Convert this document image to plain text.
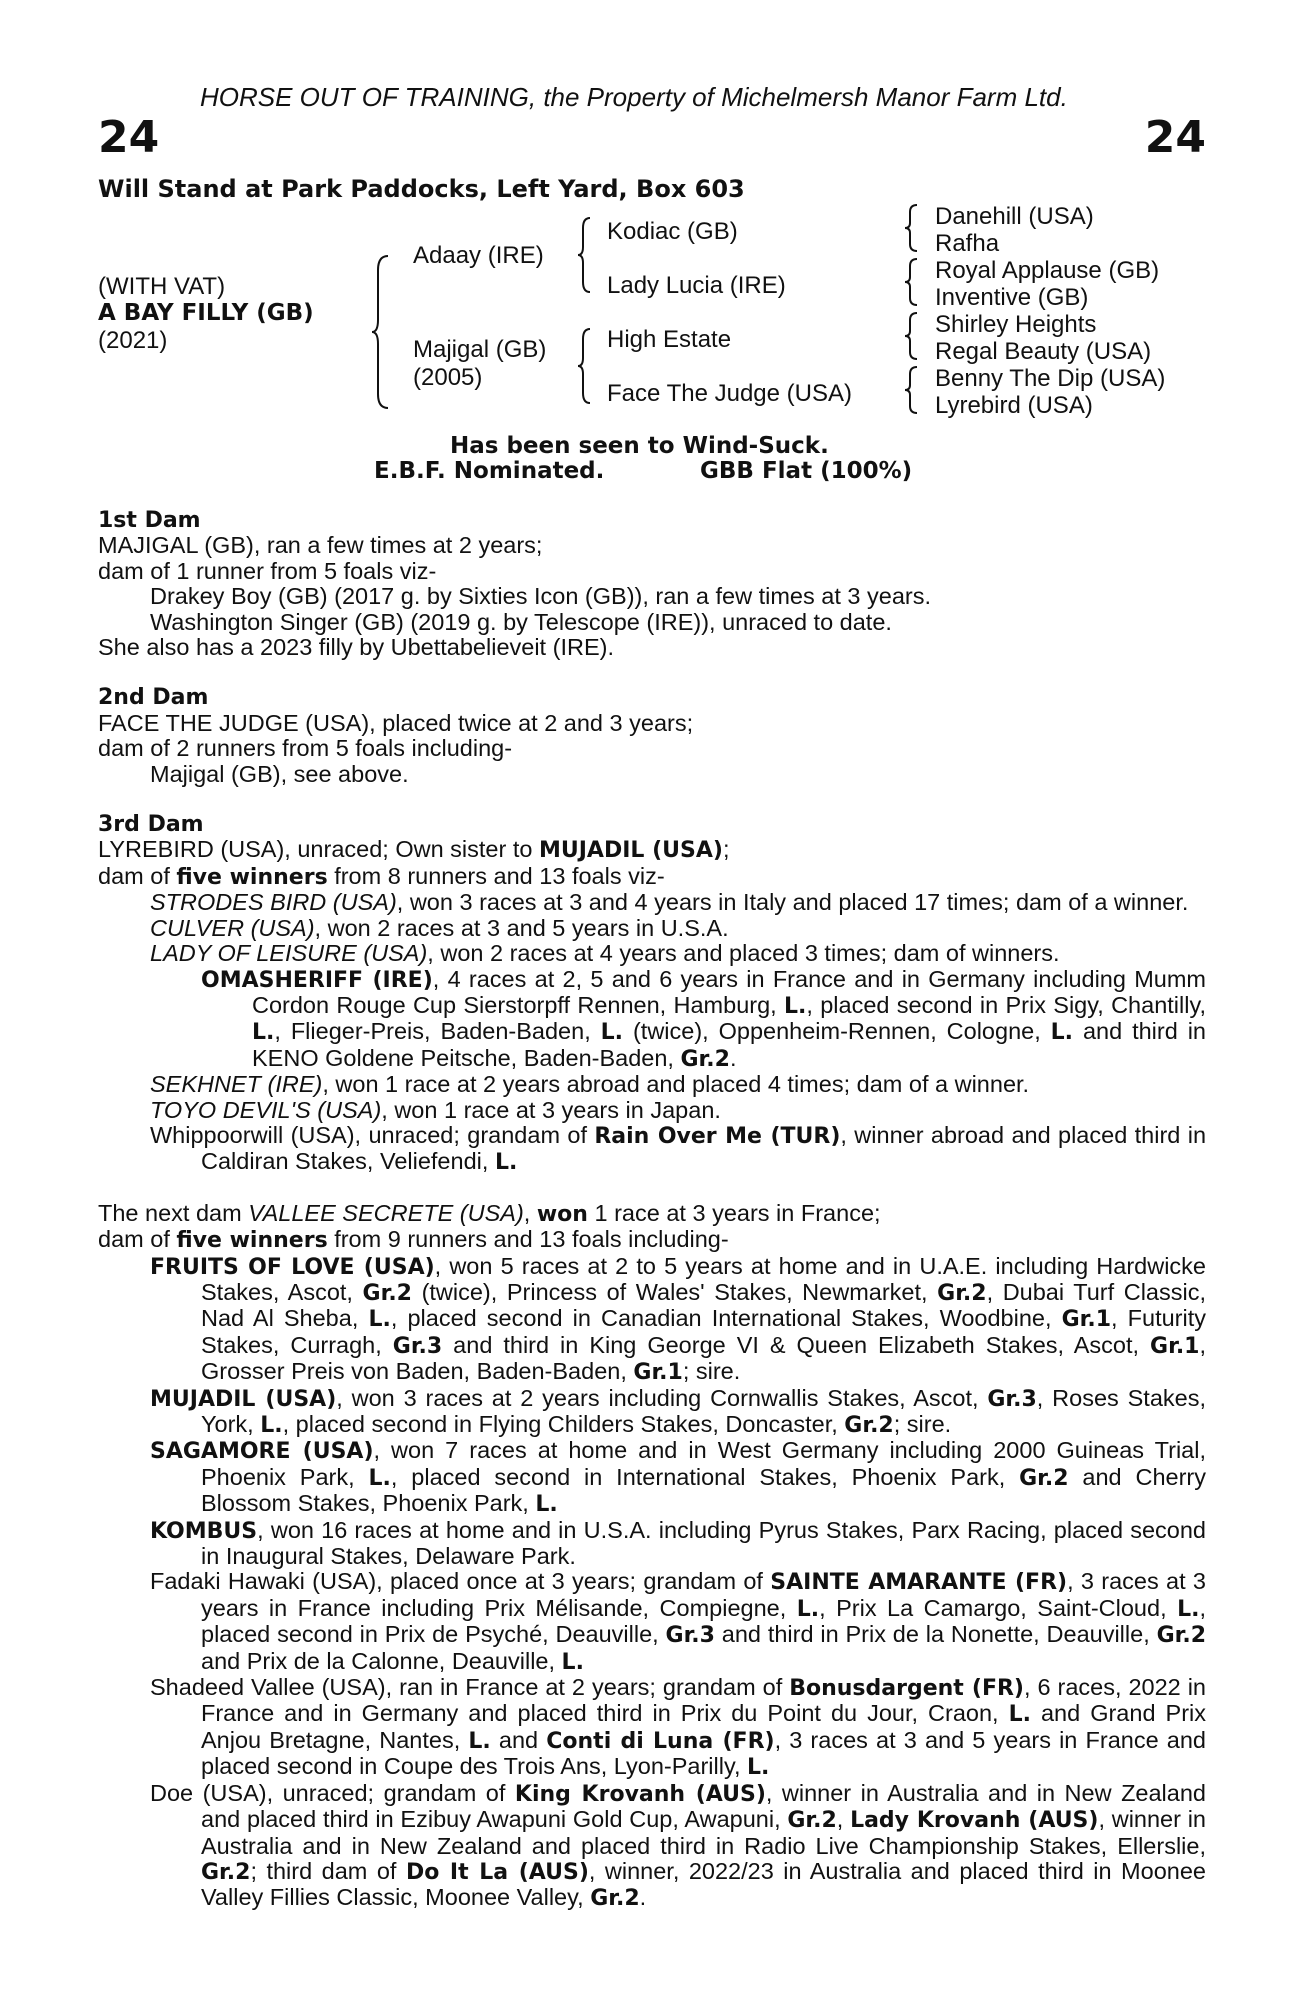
HORSE OUT OF TRAINING, the Property of Michelmersh Manor Farm Ltd.
24	24
Will Stand at Park Paddocks, Left Yard, Box 603
(WITH VAT)
A BAY FILLY (GB)
(2021)
Adaay (IRE)
Majigal (GB)
(2005)
Kodiac (GB)
Lady Lucia (IRE)
High Estate
Face The Judge (USA)
Danehill (USA)
Rafha
Royal Applause (GB)
Inventive (GB)
Shirley Heights
Regal Beauty (USA)
Benny The Dip (USA)
Lyrebird (USA)
Has been seen to Wind-Suck.
E.B.F. Nominated.	GBB Flat (100%)

1st Dam

MAJIGAL (GB), ran a few times at 2 years;

dam of 1 runner from 5 foals viz-

Drakey Boy (GB) (2017 g. by Sixties Icon (GB)), ran a few times at 3 years.

Washington Singer (GB) (2019 g. by Telescope (IRE)), unraced to date.

She also has a 2023 filly by Ubettabelieveit (IRE).

2nd Dam

FACE THE JUDGE (USA), placed twice at 2 and 3 years;

dam of 2 runners from 5 foals including-

Majigal (GB), see above.

3rd Dam

LYREBIRD (USA), unraced; Own sister to MUJADIL (USA);

dam of five winners from 8 runners and 13 foals viz-

STRODES BIRD (USA), won 3 races at 3 and 4 years in Italy and placed 17 times; dam of a winner.

CULVER (USA), won 2 races at 3 and 5 years in U.S.A.

LADY OF LEISURE (USA), won 2 races at 4 years and placed 3 times; dam of winners.

OMASHERIFF (IRE), 4 races at 2, 5 and 6 years in France and in Germany including Mumm Cordon Rouge Cup Sierstorpff Rennen, Hamburg, L., placed second in Prix Sigy, Chantilly, L., Flieger-Preis, Baden-Baden, L. (twice), Oppenheim-Rennen, Cologne, L. and third in KENO Goldene Peitsche, Baden-Baden, Gr.2.

SEKHNET (IRE), won 1 race at 2 years abroad and placed 4 times; dam of a winner.

TOYO DEVIL'S (USA), won 1 race at 3 years in Japan.

Whippoorwill (USA), unraced; grandam of Rain Over Me (TUR), winner abroad and placed third in Caldiran Stakes, Veliefendi, L.

The next dam VALLEE SECRETE (USA), won 1 race at 3 years in France;

dam of five winners from 9 runners and 13 foals including-

FRUITS OF LOVE (USA), won 5 races at 2 to 5 years at home and in U.A.E. including Hardwicke Stakes, Ascot, Gr.2 (twice), Princess of Wales' Stakes, Newmarket, Gr.2, Dubai Turf Classic, Nad Al Sheba, L., placed second in Canadian International Stakes, Woodbine, Gr.1, Futurity Stakes, Curragh, Gr.3 and third in King George VI & Queen Elizabeth Stakes, Ascot, Gr.1, Grosser Preis von Baden, Baden-Baden, Gr.1; sire.

MUJADIL (USA), won 3 races at 2 years including Cornwallis Stakes, Ascot, Gr.3, Roses Stakes, York, L., placed second in Flying Childers Stakes, Doncaster, Gr.2; sire.

SAGAMORE (USA), won 7 races at home and in West Germany including 2000 Guineas Trial, Phoenix Park, L., placed second in International Stakes, Phoenix Park, Gr.2 and Cherry Blossom Stakes, Phoenix Park, L.

KOMBUS, won 16 races at home and in U.S.A. including Pyrus Stakes, Parx Racing, placed second in Inaugural Stakes, Delaware Park.

Fadaki Hawaki (USA), placed once at 3 years; grandam of SAINTE AMARANTE (FR), 3 races at 3 years in France including Prix Mélisande, Compiegne, L., Prix La Camargo, Saint-Cloud, L., placed second in Prix de Psyché, Deauville, Gr.3 and third in Prix de la Nonette, Deauville, Gr.2 and Prix de la Calonne, Deauville, L.

Shadeed Vallee (USA), ran in France at 2 years; grandam of Bonusdargent (FR), 6 races, 2022 in France and in Germany and placed third in Prix du Point du Jour, Craon, L. and Grand Prix Anjou Bretagne, Nantes, L. and Conti di Luna (FR), 3 races at 3 and 5 years in France and placed second in Coupe des Trois Ans, Lyon-Parilly, L.

Doe (USA), unraced; grandam of King Krovanh (AUS), winner in Australia and in New Zealand and placed third in Ezibuy Awapuni Gold Cup, Awapuni, Gr.2, Lady Krovanh (AUS), winner in Australia and in New Zealand and placed third in Radio Live Championship Stakes, Ellerslie, Gr.2; third dam of Do It La (AUS), winner, 2022/23 in Australia and placed third in Moonee Valley Fillies Classic, Moonee Valley, Gr.2.
